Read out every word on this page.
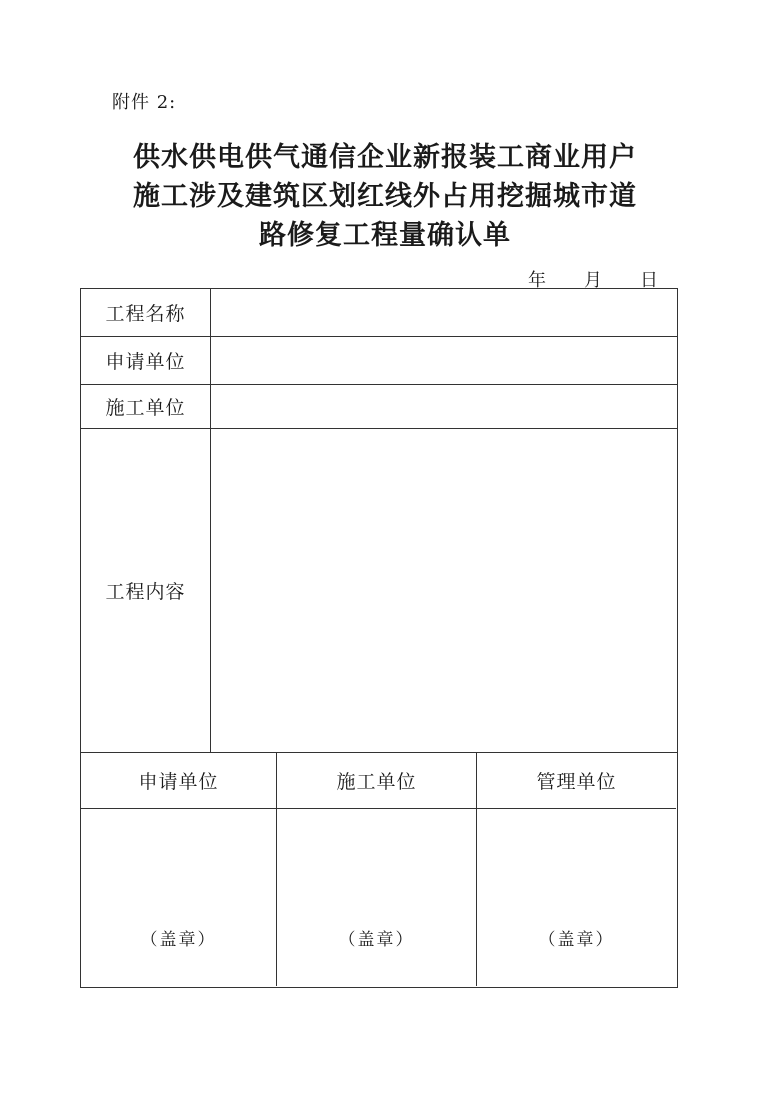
附件 2:
供水供电供气通信企业新报装工商业用户
施工涉及建筑区划红线外占用挖掘城市道
路修复工程量确认单
年 月 日
工程名称
申请单位
施工单位
工程内容
申请单位	施工单位	管理单位
（盖章）	（盖章）	（盖章）
